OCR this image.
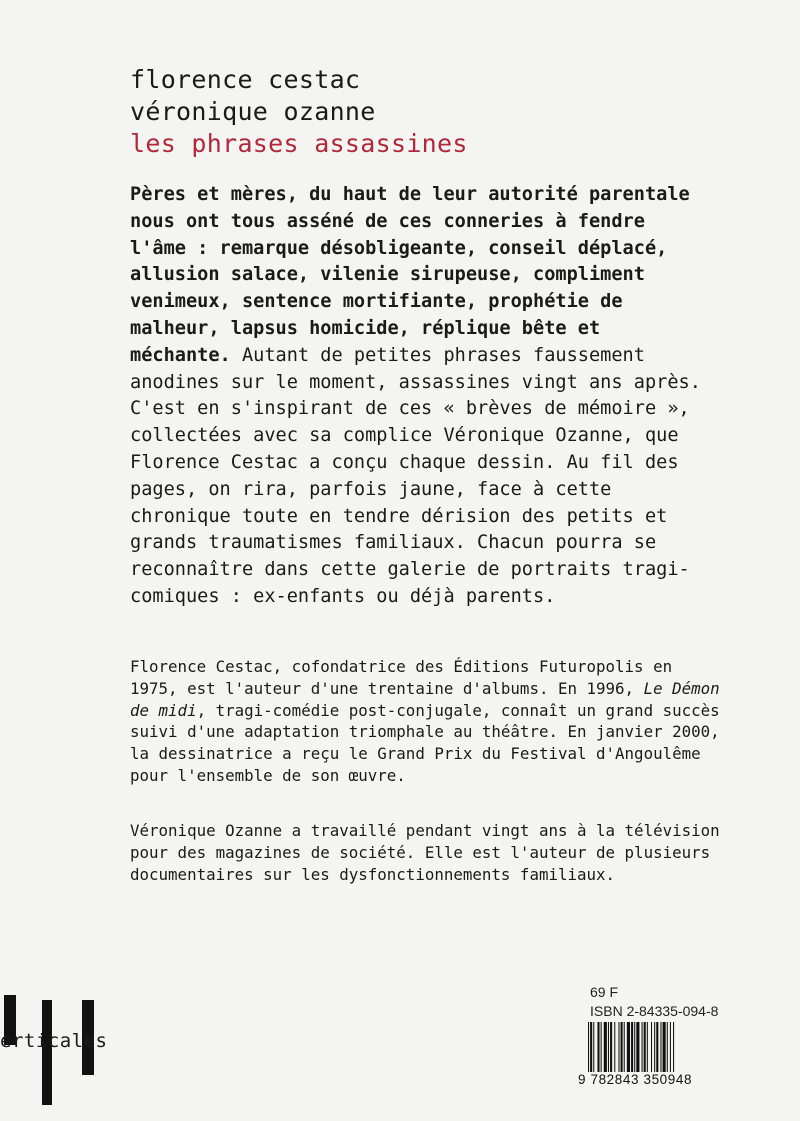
florence cestac
véronique ozanne
les phrases assassines

Pères et mères, du haut de leur autorité parentale nous ont tous asséné de ces conneries à fendre l'âme : remarque désobligeante, conseil déplacé, allusion salace, vilenie sirupeuse, compliment venimeux, sentence mortifiante, prophétie de malheur, lapsus homicide, réplique bête et méchante. Autant de petites phrases faussement anodines sur le moment, assassines vingt ans après.

C'est en s'inspirant de ces « brèves de mémoire », collectées avec sa complice Véronique Ozanne, que Florence Cestac a conçu chaque dessin. Au fil des pages, on rira, parfois jaune, face à cette chronique toute en tendre dérision des petits et grands traumatismes familiaux. Chacun pourra se reconnaître dans cette galerie de portraits tragi-comiques : ex-enfants ou déjà parents.

Florence Cestac, cofondatrice des Éditions Futuropolis en 1975, est l'auteur d'une trentaine d'albums. En 1996, Le Démon de midi, tragi-comédie post-conjugale, connaît un grand succès suivi d'une adaptation triomphale au théâtre. En janvier 2000, la dessinatrice a reçu le Grand Prix du Festival d'Angoulême pour l'ensemble de son œuvre.

Véronique Ozanne a travaillé pendant vingt ans à la télévision pour des magazines de société. Elle est l'auteur de plusieurs documentaires sur les dysfonctionnements familiaux.

erticales
69 F
ISBN 2-84335-094-8
9 782843 350948
